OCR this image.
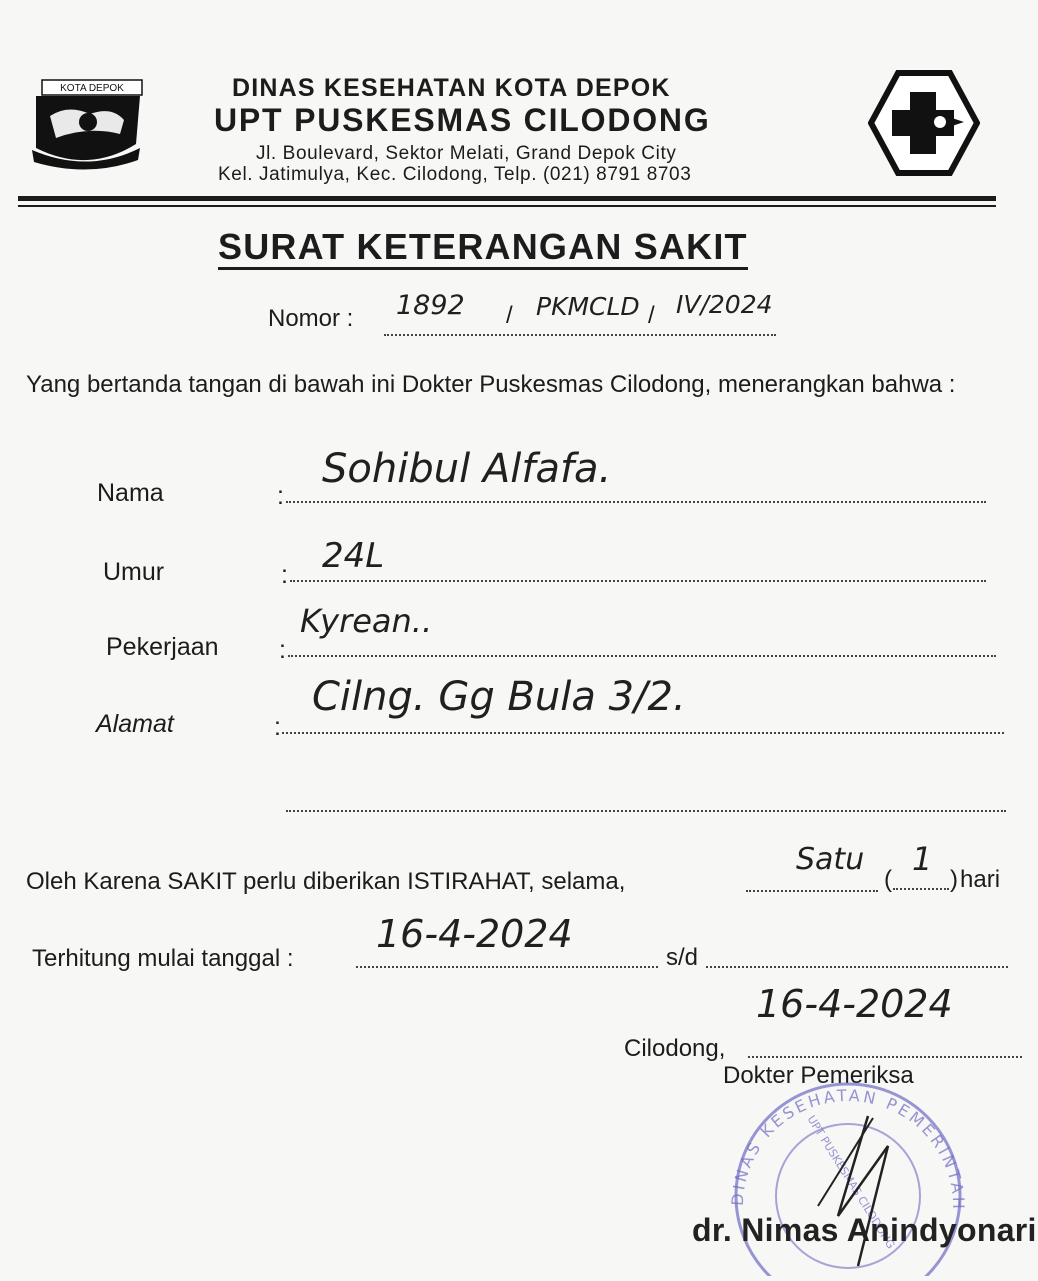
KOTA DEPOK	DINAS KESEHATAN KOTA DEPOK
UPT PUSKESMAS CILODONG
Jl. Boulevard, Sektor Melati, Grand Depok City
Kel. Jatimulya, Kec. Cilodong, Telp. (021) 8791 8703
SURAT KETERANGAN SAKIT
Nomor : 1892 / PKMCLD / IV/2024
Yang bertanda tangan di bawah ini Dokter Puskesmas Cilodong, menerangkan bahwa :
Nama	:
Sohibul Alfafa.
Umur	: 24L
Pekerjaan :
Kyrean..
Alamat	:
Cilng. Gg Bula 3/2.
Oleh Karena SAKIT perlu diberikan ISTIRAHAT, selama,
Satu
(
1
) hari
Terhitung mulai tanggal :
16-4-2024
s/d
16-4-2024
Cilodong,
Dokter Pemeriksa
DINAS KESEHATAN PEMERINTAH
UPT PUSKESMAS CILODONG
dr. Nimas Anindyonari
